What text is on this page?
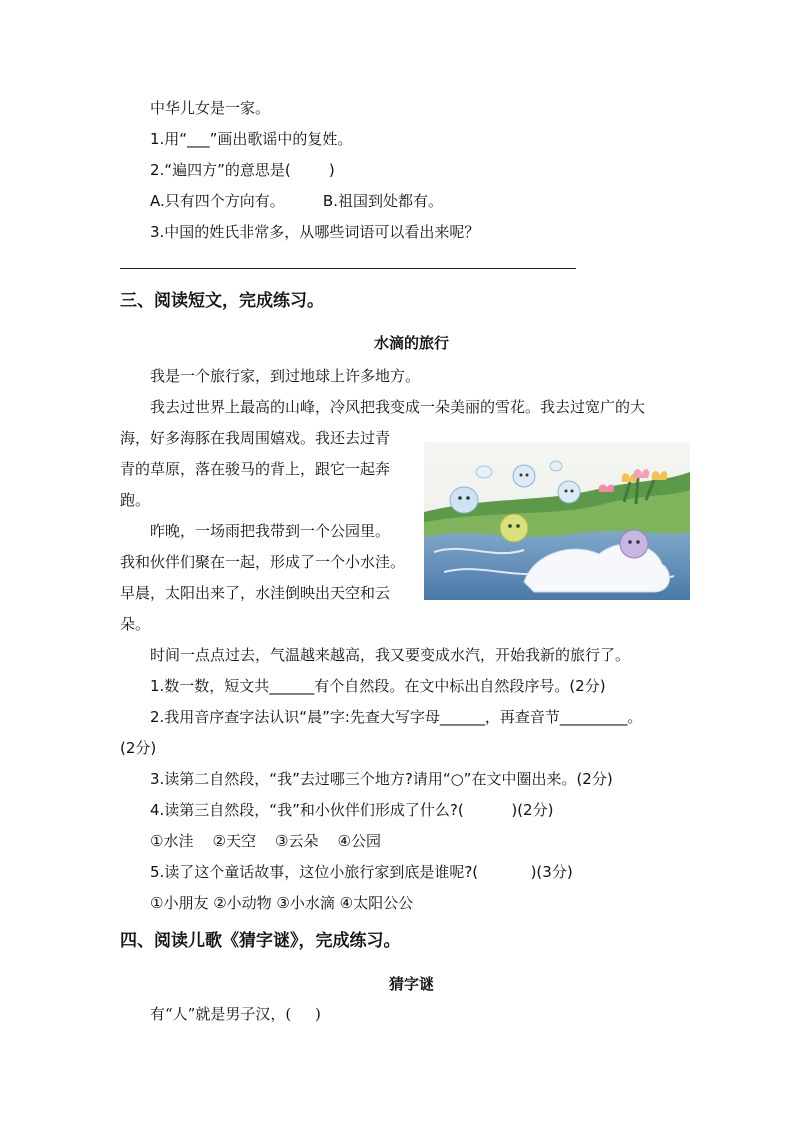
中华儿女是一家。
1.用“___”画出歌谣中的复姓。
2.“遍四方”的意思是(        )
A.只有四个方向有。        B.祖国到处都有。
3.中国的姓氏非常多，从哪些词语可以看出来呢？
三、阅读短文，完成练习。
水滴的旅行
我是一个旅行家，到过地球上许多地方。
我去过世界上最高的山峰，冷风把我变成一朵美丽的雪花。我去过宽广的大
海，好多海豚在我周围嬉戏。我还去过青
青的草原，落在骏马的背上，跟它一起奔
跑。
昨晚，一场雨把我带到一个公园里。
我和伙伴们聚在一起，形成了一个小水洼。
早晨，太阳出来了，水洼倒映出天空和云
朵。
时间一点点过去，气温越来越高，我又要变成水汽，开始我新的旅行了。
1.数一数，短文共______有个自然段。在文中标出自然段序号。(2分)
2.我用音序查字法认识“晨”字:先查大写字母______，再查音节_________。
(2分)
3.读第二自然段，“我”去过哪三个地方?请用“○”在文中圈出来。(2分)
4.读第三自然段，“我”和小伙伴们形成了什么?(          )(2分)
①水洼    ②天空    ③云朵    ④公园
5.读了这个童话故事，这位小旅行家到底是谁呢?(           )(3分)
①小朋友 ②小动物 ③小水滴 ④太阳公公
四、阅读儿歌《猜字谜》，完成练习。
猜字谜
有“人”就是男子汉，(     )
